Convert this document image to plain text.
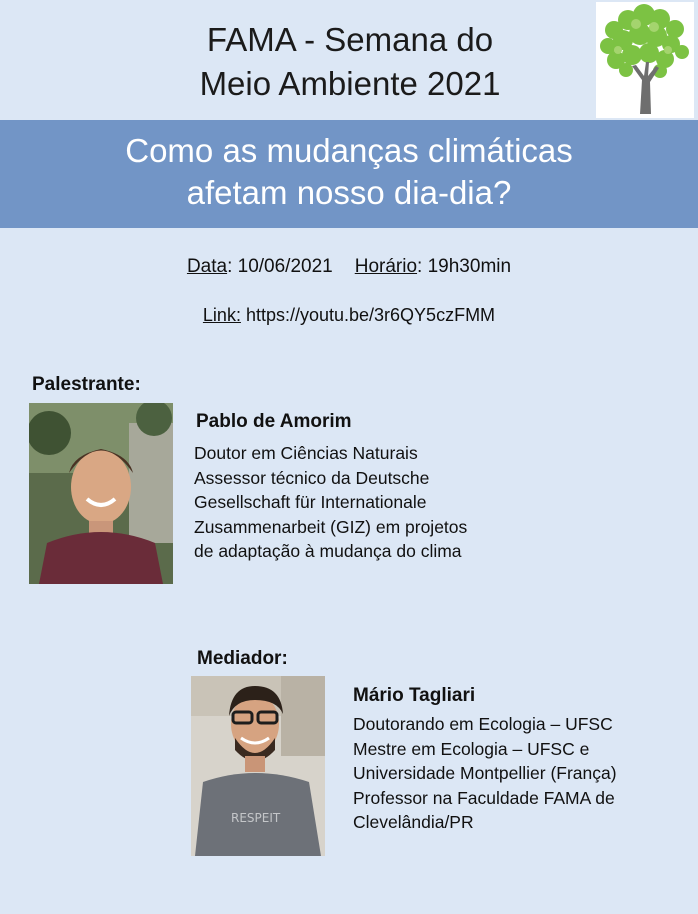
FAMA - Semana do
Meio Ambiente 2021
Como as mudanças climáticas
afetam nosso dia-dia?
Data: 10/06/2021 Horário: 19h30min
Link: https://youtu.be/3r6QY5czFMM
Palestrante:
Pablo de Amorim
Doutor em Ciências Naturais
Assessor técnico da Deutsche
Gesellschaft für Internationale
Zusammenarbeit (GIZ) em projetos
de adaptação à mudança do clima
Mediador:
RESPEIT
Mário Tagliari
Doutorando em Ecologia – UFSC
Mestre em Ecologia – UFSC e
Universidade Montpellier (França)
Professor na Faculdade FAMA de
Clevelândia/PR
